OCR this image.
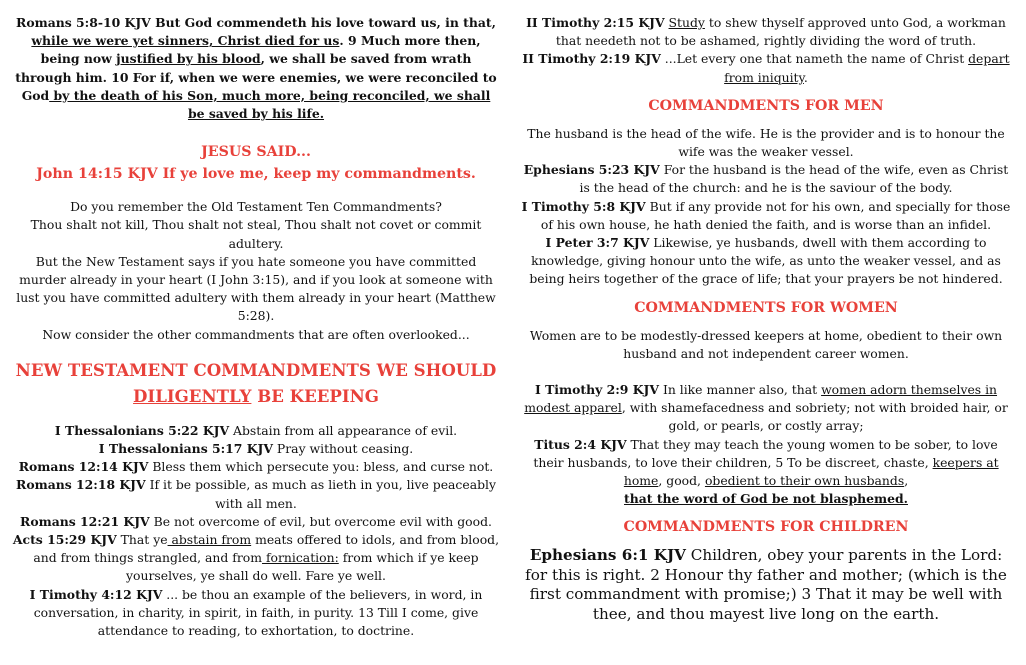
Romans 5:8-10 KJV But God commendeth his love toward us, in that, while we were yet sinners, Christ died for us. 9 Much more then, being now justified by his blood, we shall be saved from wrath through him. 10 For if, when we were enemies, we were reconciled to God by the death of his Son, much more, being reconciled, we shall be saved by his life.

JESUS SAID...

John 14:15 KJV If ye love me, keep my commandments.

Do you remember the Old Testament Ten Commandments?

Thou shalt not kill, Thou shalt not steal, Thou shalt not covet or commit adultery.

But the New Testament says if you hate someone you have committed murder already in your heart (I John 3:15), and if you look at someone with lust you have committed adultery with them already in your heart (Matthew 5:28).

Now consider the other commandments that are often overlooked...

NEW TESTAMENT COMMANDMENTS WE SHOULD
DILIGENTLY BE KEEPING

I Thessalonians 5:22 KJV Abstain from all appearance of evil.

I Thessalonians 5:17 KJV Pray without ceasing.

Romans 12:14 KJV Bless them which persecute you: bless, and curse not.

Romans 12:18 KJV If it be possible, as much as lieth in you, live peaceably with all men.

Romans 12:21 KJV Be not overcome of evil, but overcome evil with good.

Acts 15:29 KJV That ye abstain from meats offered to idols, and from blood, and from things strangled, and from fornication: from which if ye keep yourselves, ye shall do well. Fare ye well.

I Timothy 4:12 KJV ... be thou an example of the believers, in word, in conversation, in charity, in spirit, in faith, in purity. 13 Till I come, give attendance to reading, to exhortation, to doctrine.

II Timothy 2:15 KJV Study to shew thyself approved unto God, a workman that needeth not to be ashamed, rightly dividing the word of truth.

II Timothy 2:19 KJV ...Let every one that nameth the name of Christ depart from iniquity.

COMMANDMENTS FOR MEN

The husband is the head of the wife. He is the provider and is to honour the wife was the weaker vessel.

Ephesians 5:23 KJV For the husband is the head of the wife, even as Christ is the head of the church: and he is the saviour of the body.

I Timothy 5:8 KJV But if any provide not for his own, and specially for those of his own house, he hath denied the faith, and is worse than an infidel.

I Peter 3:7 KJV Likewise, ye husbands, dwell with them according to knowledge, giving honour unto the wife, as unto the weaker vessel, and as being heirs together of the grace of life; that your prayers be not hindered.

COMMANDMENTS FOR WOMEN

Women are to be modestly-dressed keepers at home, obedient to their own husband and not independent career women.

I Timothy 2:9 KJV In like manner also, that women adorn themselves in modest apparel, with shamefacedness and sobriety; not with broided hair, or gold, or pearls, or costly array;

Titus 2:4 KJV That they may teach the young women to be sober, to love their husbands, to love their children, 5 To be discreet, chaste, keepers at home, good, obedient to their own husbands,

that the word of God be not blasphemed.

COMMANDMENTS FOR CHILDREN

Ephesians 6:1 KJV Children, obey your parents in the Lord: for this is right. 2 Honour thy father and mother; (which is the first commandment with promise;) 3 That it may be well with thee, and thou mayest live long on the earth.
